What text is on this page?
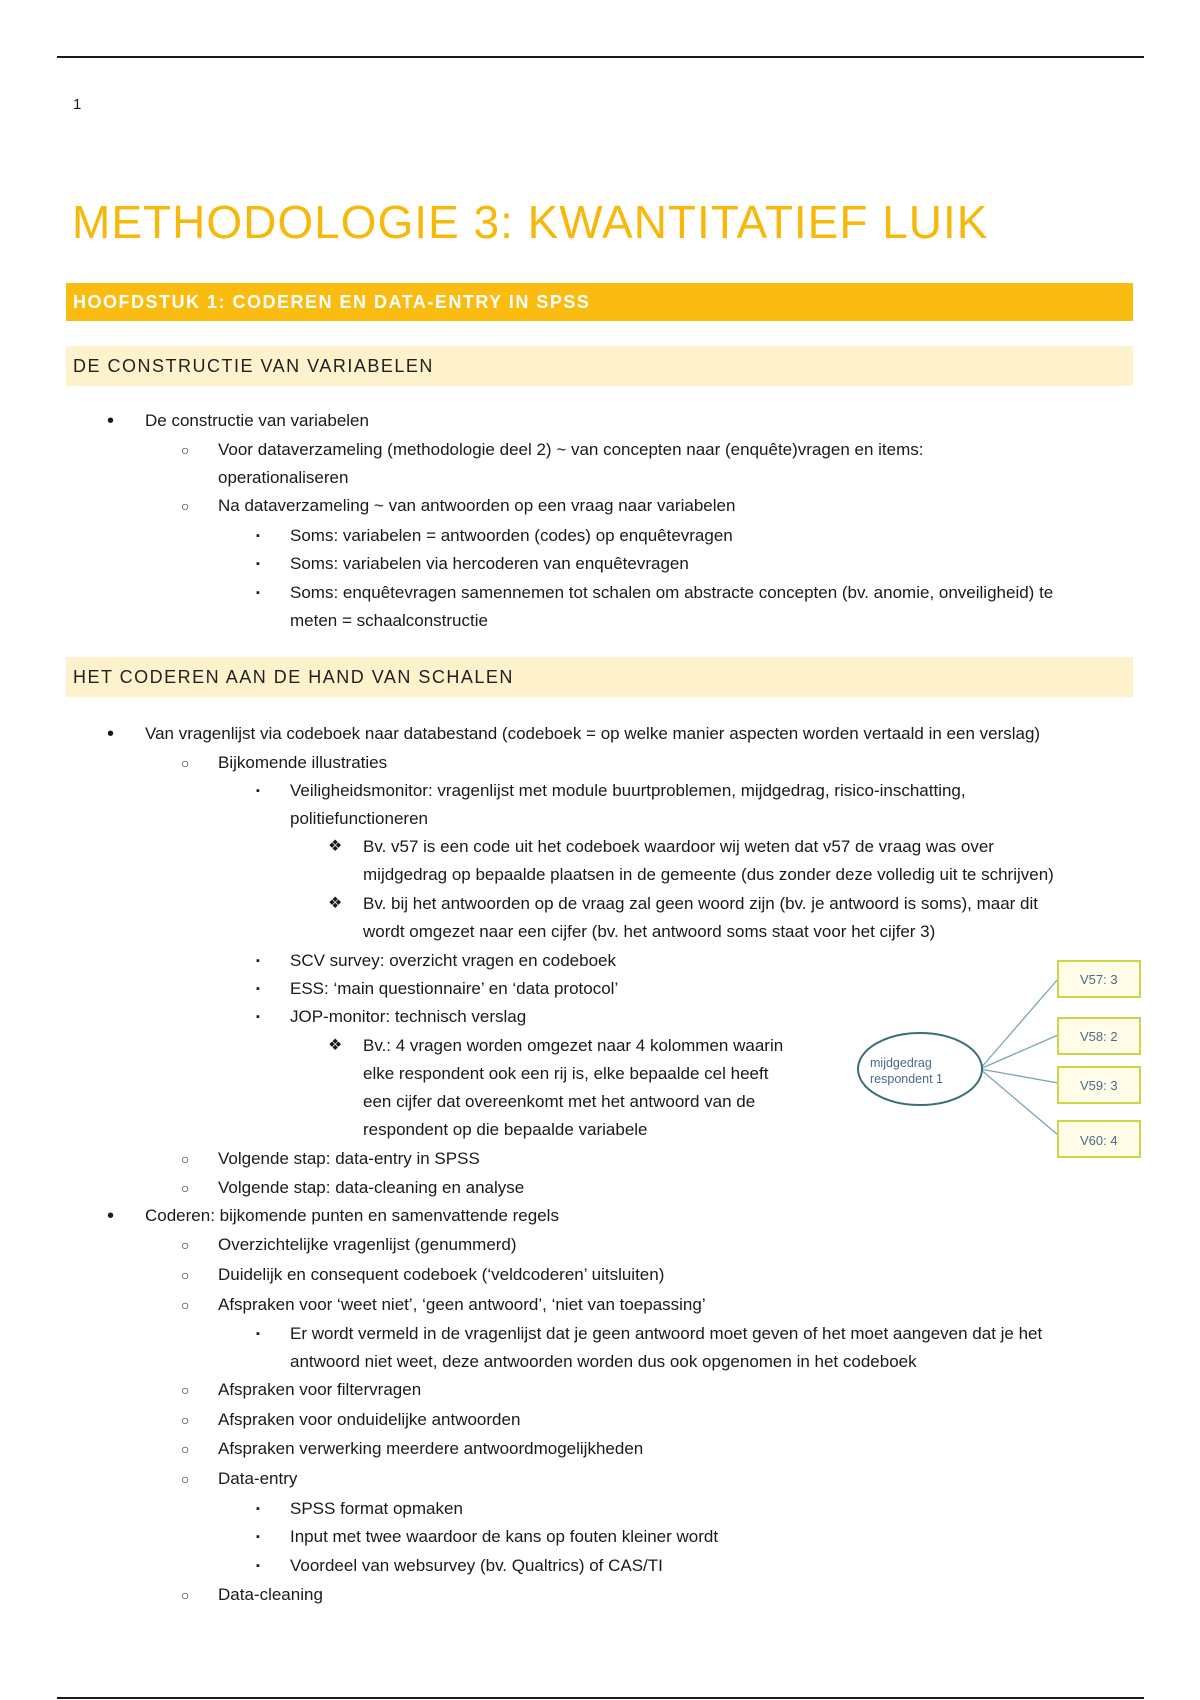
1
METHODOLOGIE 3: KWANTITATIEF LUIK
HOOFDSTUK 1: CODEREN EN DATA-ENTRY IN SPSS
DE CONSTRUCTIE VAN VARIABELEN
• De constructie van variabelen
○ Voor dataverzameling (methodologie deel 2) ~ van concepten naar (enquête)vragen en items:
operationaliseren
○ Na dataverzameling ~ van antwoorden op een vraag naar variabelen
▪ Soms: variabelen = antwoorden (codes) op enquêtevragen
▪ Soms: variabelen via hercoderen van enquêtevragen
▪ Soms: enquêtevragen samennemen tot schalen om abstracte concepten (bv. anomie, onveiligheid) te
meten = schaalconstructie
HET CODEREN AAN DE HAND VAN SCHALEN
• Van vragenlijst via codeboek naar databestand (codeboek = op welke manier aspecten worden vertaald in een verslag)
○ Bijkomende illustraties
▪ Veiligheidsmonitor: vragenlijst met module buurtproblemen, mijdgedrag, risico-inschatting,
politiefunctioneren
❖ Bv. v57 is een code uit het codeboek waardoor wij weten dat v57 de vraag was over
mijdgedrag op bepaalde plaatsen in de gemeente (dus zonder deze volledig uit te schrijven)
❖ Bv. bij het antwoorden op de vraag zal geen woord zijn (bv. je antwoord is soms), maar dit
wordt omgezet naar een cijfer (bv. het antwoord soms staat voor het cijfer 3)
▪ SCV survey: overzicht vragen en codeboek
▪ ESS: ‘main questionnaire’ en ‘data protocol’
▪ JOP-monitor: technisch verslag
❖ Bv.: 4 vragen worden omgezet naar 4 kolommen waarin
elke respondent ook een rij is, elke bepaalde cel heeft
een cijfer dat overeenkomt met het antwoord van de
respondent op die bepaalde variabele
○ Volgende stap: data-entry in SPSS
○ Volgende stap: data-cleaning en analyse
• Coderen: bijkomende punten en samenvattende regels
○ Overzichtelijke vragenlijst (genummerd)
○ Duidelijk en consequent codeboek (‘veldcoderen’ uitsluiten)
○ Afspraken voor ‘weet niet’, ‘geen antwoord’, ‘niet van toepassing’
▪ Er wordt vermeld in de vragenlijst dat je geen antwoord moet geven of het moet aangeven dat je het
antwoord niet weet, deze antwoorden worden dus ook opgenomen in het codeboek
○ Afspraken voor filtervragen
○ Afspraken voor onduidelijke antwoorden
○ Afspraken verwerking meerdere antwoordmogelijkheden
○ Data-entry
▪ SPSS format opmaken
▪ Input met twee waardoor de kans op fouten kleiner wordt
▪ Voordeel van websurvey (bv. Qualtrics) of CAS/TI
○ Data-cleaning
mijdgedrag
respondent 1
V57: 3
V58: 2
V59: 3
V60: 4
